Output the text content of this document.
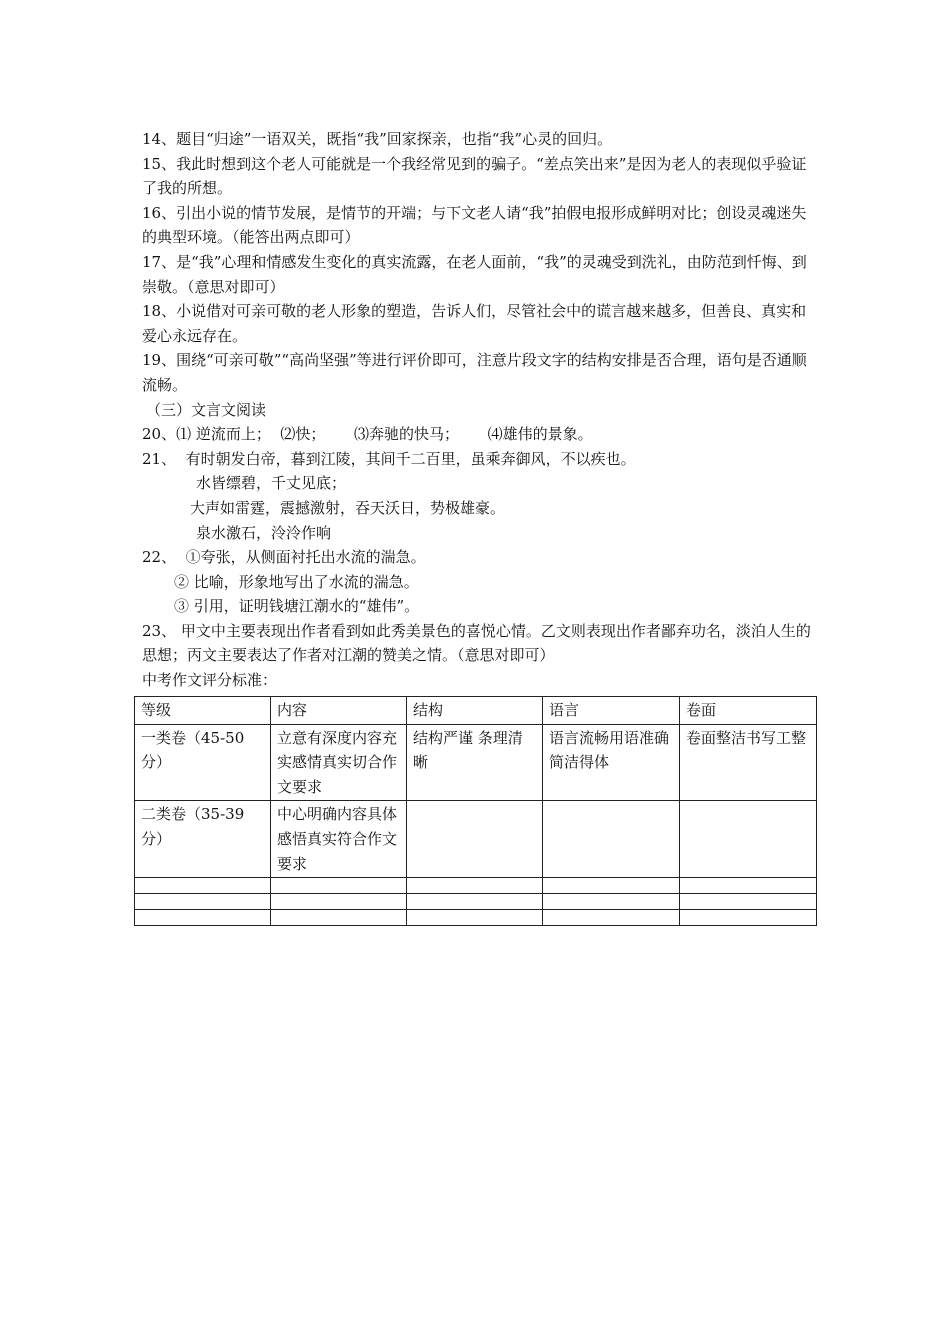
14、题目“归途”一语双关，既指“我”回家探亲，也指“我”心灵的回归。

15、我此时想到这个老人可能就是一个我经常见到的骗子。“差点笑出来”是因为老人的表现似乎验证了我的所想。

16、引出小说的情节发展，是情节的开端；与下文老人请“我”拍假电报形成鲜明对比；创设灵魂迷失的典型环境。（能答出两点即可）

17、是“我”心理和情感发生变化的真实流露，在老人面前，“我”的灵魂受到洗礼，由防范到忏悔、到崇敬。（意思对即可）

18、小说借对可亲可敬的老人形象的塑造，告诉人们，尽管社会中的谎言越来越多，但善良、真实和爱心永远存在。

19、围绕“可亲可敬”“高尚坚强”等进行评价即可，注意片段文字的结构安排是否合理，语句是否通顺流畅。

（三）文言文阅读

20、⑴ 逆流而上；  ⑵快；      ⑶奔驰的快马；      ⑷雄伟的景象。

21、  有时朝发白帝，暮到江陵，其间千二百里，虽乘奔御风，不以疾也。

水皆缥碧，千丈见底；

大声如雷霆，震撼激射，吞天沃日，势极雄豪。

泉水激石，泠泠作响

22、  ①夸张，从侧面衬托出水流的湍急。

② 比喻，形象地写出了水流的湍急。

③ 引用，证明钱塘江潮水的“雄伟”。

23、 甲文中主要表现出作者看到如此秀美景色的喜悦心情。乙文则表现出作者鄙弃功名，淡泊人生的思想；丙文主要表达了作者对江潮的赞美之情。（意思对即可）

中考作文评分标准：

等级	内容	结构	语言	卷面
一类卷（45-50分）	立意有深度内容充实感情真实切合作文要求	结构严谨 条理清晰	语言流畅用语准确简洁得体	卷面整洁书写工整
二类卷（35-39分）	中心明确内容具体感悟真实符合作文要求			
